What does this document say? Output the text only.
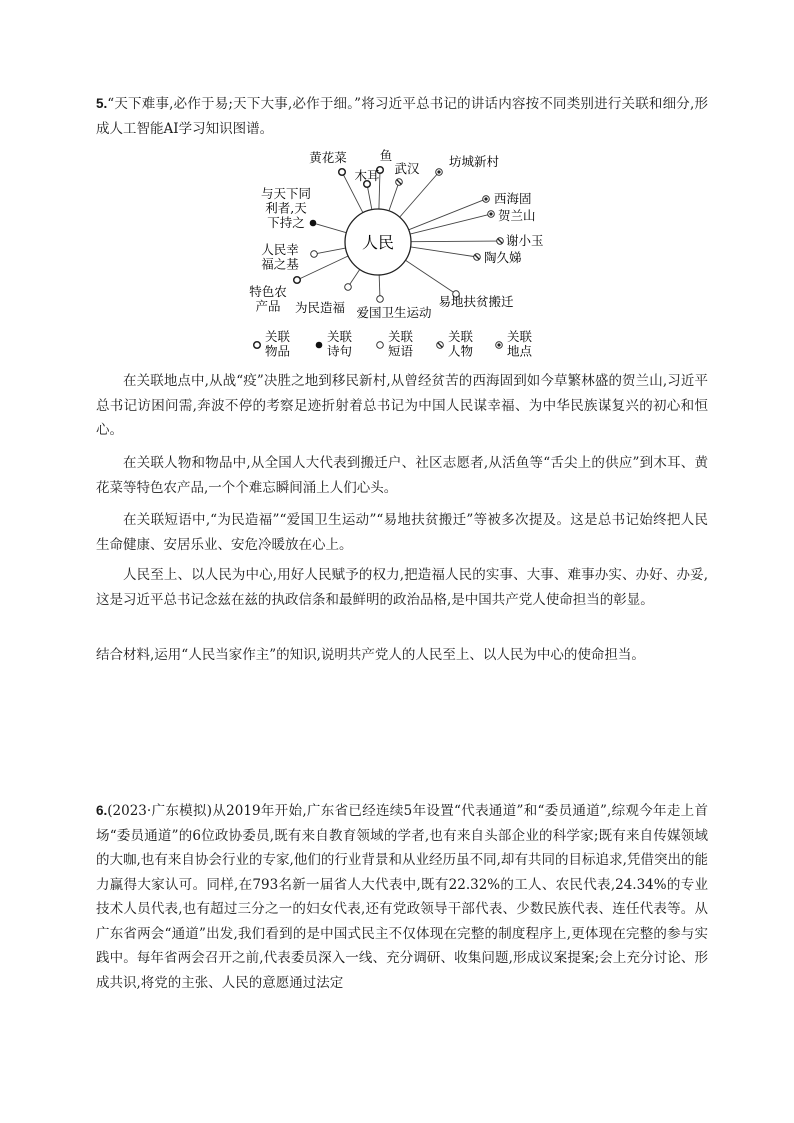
5.“天下难事,必作于易;天下大事,必作于细。”将习近平总书记的讲话内容按不同类别进行关联和细分,形成人工智能AI学习知识图谱。

人民
黄花菜	鱼
木耳 武汉 坊城新村
西海固
贺兰山
谢小玉
陶久娣
易地扶贫搬迁
爱国卫生运动
为民造福
特色农
产品
人民幸
福之基
与天下同
利者,天
下持之
关联
物品
关联
诗句
关联
短语
关联
人物
关联
地点

在关联地点中,从战“疫”决胜之地到移民新村,从曾经贫苦的西海固到如今草繁林盛的贺兰山,习近平总书记访困问需,奔波不停的考察足迹折射着总书记为中国人民谋幸福、为中华民族谋复兴的初心和恒心。

在关联人物和物品中,从全国人大代表到搬迁户、社区志愿者,从活鱼等“舌尖上的供应”到木耳、黄花菜等特色农产品,一个个难忘瞬间涌上人们心头。

在关联短语中,“为民造福”“爱国卫生运动”“易地扶贫搬迁”等被多次提及。这是总书记始终把人民生命健康、安居乐业、安危冷暖放在心上。

人民至上、以人民为中心,用好人民赋予的权力,把造福人民的实事、大事、难事办实、办好、办妥,这是习近平总书记念兹在兹的执政信条和最鲜明的政治品格,是中国共产党人使命担当的彰显。

结合材料,运用“人民当家作主”的知识,说明共产党人的人民至上、以人民为中心的使命担当。

6.(2023·广东模拟)从2019年开始,广东省已经连续5年设置“代表通道”和“委员通道”,综观今年走上首场“委员通道”的6位政协委员,既有来自教育领域的学者,也有来自头部企业的科学家;既有来自传媒领域的大咖,也有来自协会行业的专家,他们的行业背景和从业经历虽不同,却有共同的目标追求,凭借突出的能力赢得大家认可。同样,在793名新一届省人大代表中,既有22.32%的工人、农民代表,24.34%的专业技术人员代表,也有超过三分之一的妇女代表,还有党政领导干部代表、少数民族代表、连任代表等。从广东省两会“通道”出发,我们看到的是中国式民主不仅体现在完整的制度程序上,更体现在完整的参与实践中。每年省两会召开之前,代表委员深入一线、充分调研、收集问题,形成议案提案;会上充分讨论、形成共识,将党的主张、人民的意愿通过法定
